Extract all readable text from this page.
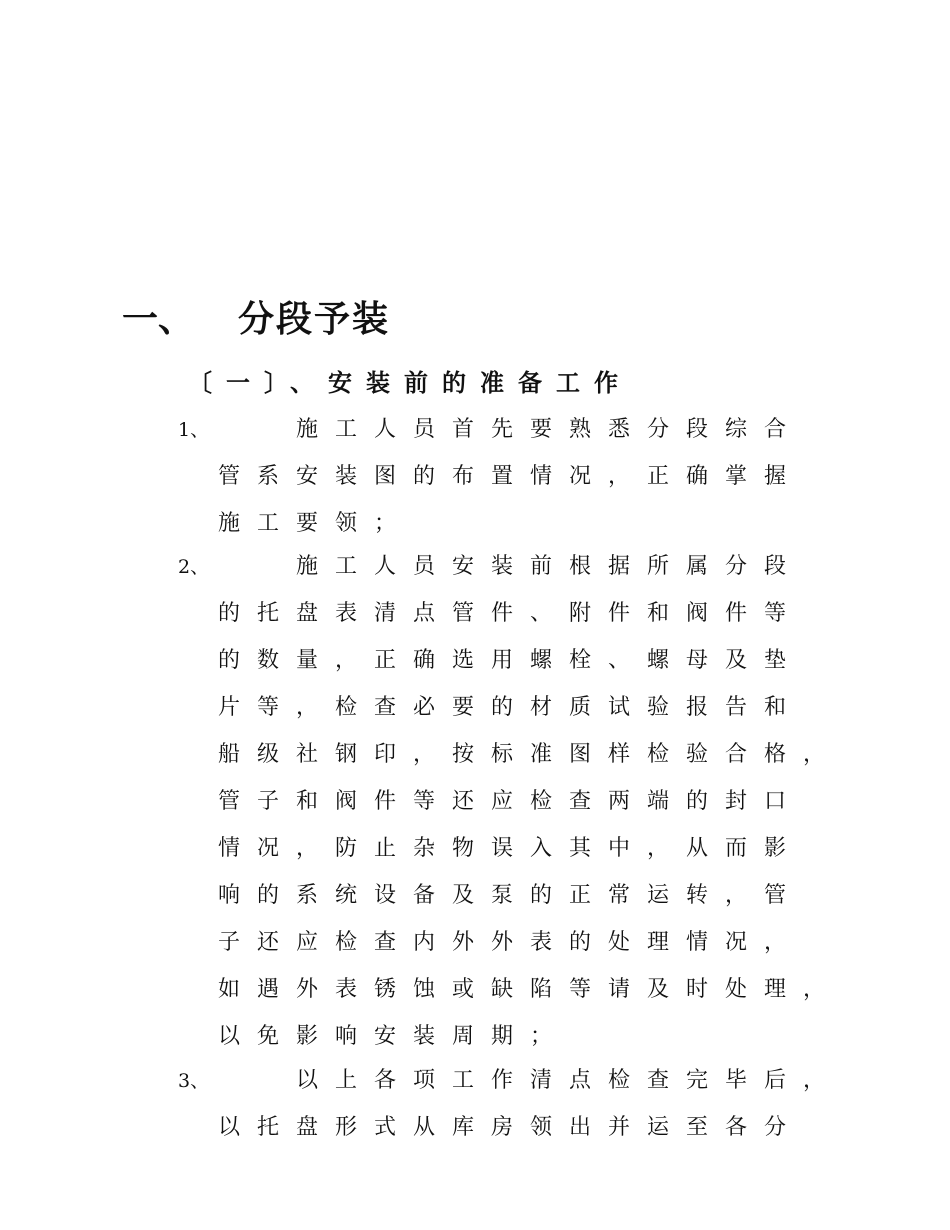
一、 分段予装
〔一〕、安装前的准备工作
1、	施工人员首先要熟悉分段综合
管系安装图的布置情况，正确掌握
施工要领；
2、	施工人员安装前根据所属分段
的托盘表清点管件、附件和阀件等
的数量，正确选用螺栓、螺母及垫
片等，检查必要的材质试验报告和
船级社钢印，按标准图样检验合格，
管子和阀件等还应检查两端的封口
情况，防止杂物误入其中，从而影
响的系统设备及泵的正常运转，管
子还应检查内外外表的处理情况，
如遇外表锈蚀或缺陷等请及时处理，
以免影响安装周期；
3、	以上各项工作清点检查完毕后，
以托盘形式从库房领出并运至各分
